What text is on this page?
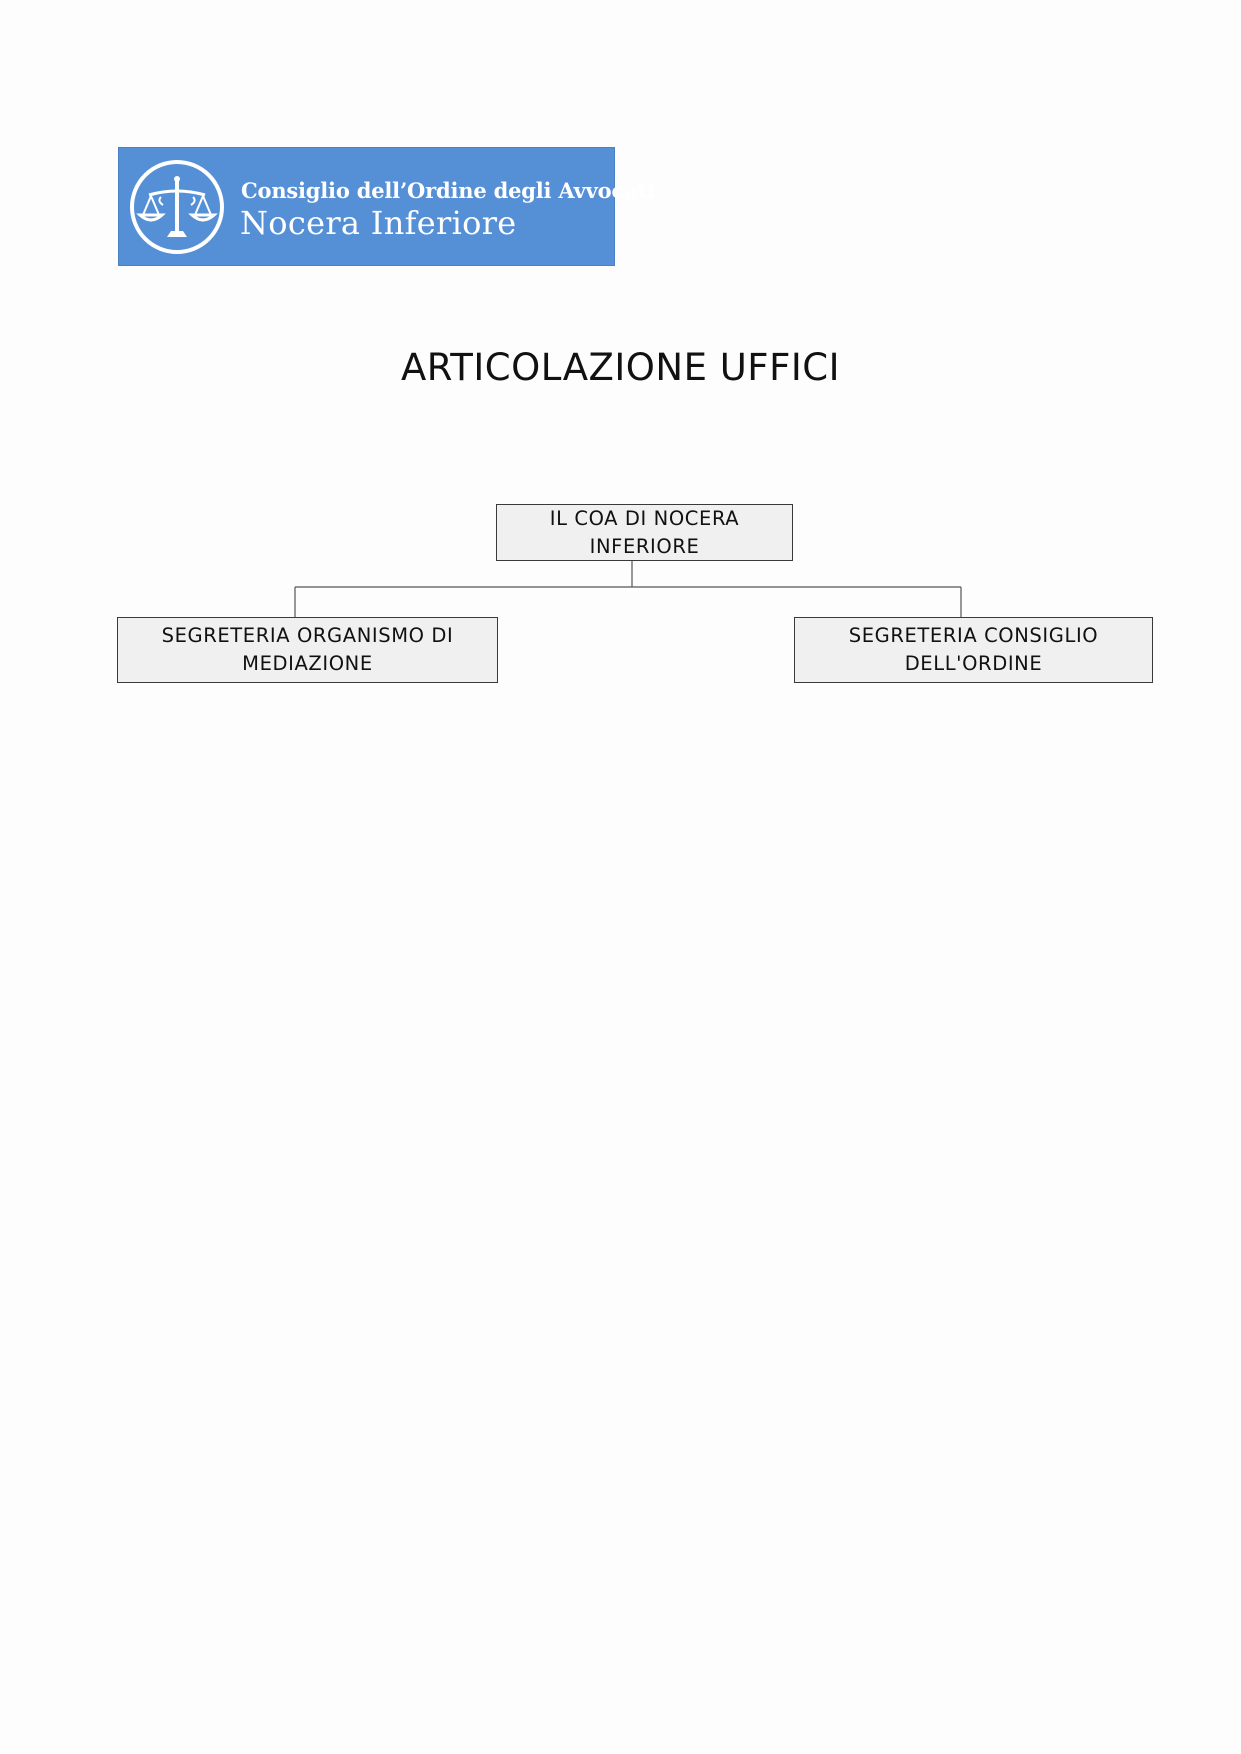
Consiglio dell’Ordine degli Avvocati
Nocera Inferiore
ARTICOLAZIONE UFFICI
IL COA DI NOCERA
INFERIORE
SEGRETERIA ORGANISMO DI
MEDIAZIONE
SEGRETERIA CONSIGLIO
DELL'ORDINE
